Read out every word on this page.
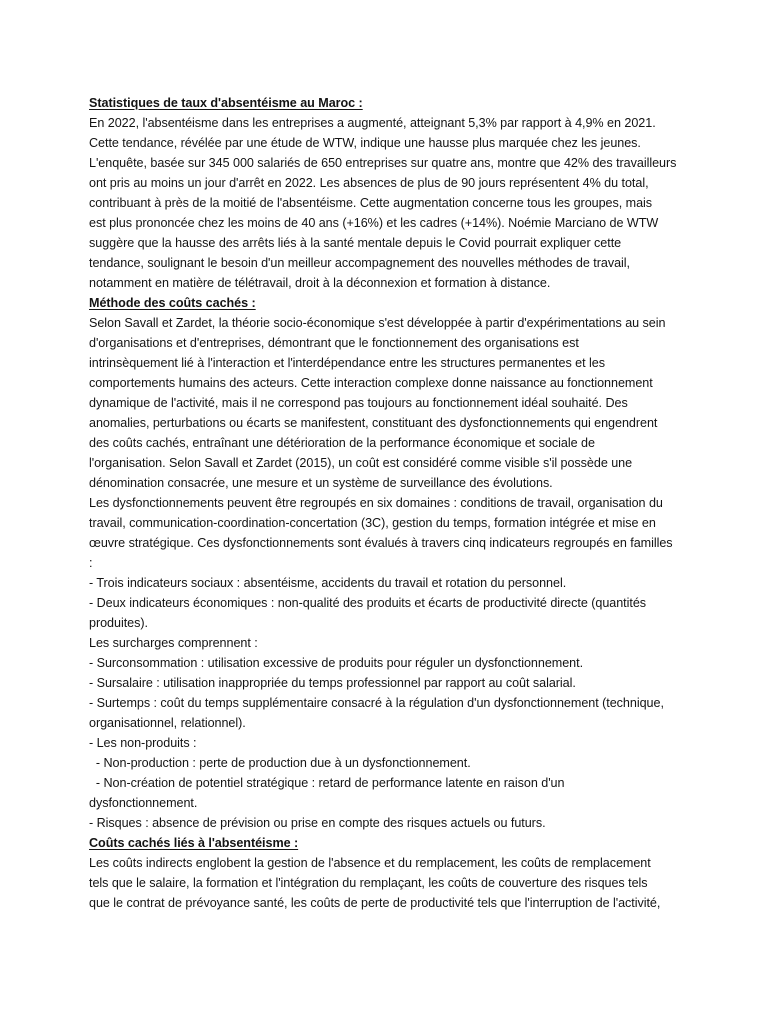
Statistiques de taux d'absentéisme au Maroc :
En 2022, l'absentéisme dans les entreprises a augmenté, atteignant 5,3% par rapport à 4,9% en 2021.
Cette tendance, révélée par une étude de WTW, indique une hausse plus marquée chez les jeunes.
L'enquête, basée sur 345 000 salariés de 650 entreprises sur quatre ans, montre que 42% des travailleurs
ont pris au moins un jour d'arrêt en 2022. Les absences de plus de 90 jours représentent 4% du total,
contribuant à près de la moitié de l'absentéisme. Cette augmentation concerne tous les groupes, mais
est plus prononcée chez les moins de 40 ans (+16%) et les cadres (+14%). Noémie Marciano de WTW
suggère que la hausse des arrêts liés à la santé mentale depuis le Covid pourrait expliquer cette
tendance, soulignant le besoin d'un meilleur accompagnement des nouvelles méthodes de travail,
notamment en matière de télétravail, droit à la déconnexion et formation à distance.
Méthode des coûts cachés :
Selon Savall et Zardet, la théorie socio-économique s'est développée à partir d'expérimentations au sein
d'organisations et d'entreprises, démontrant que le fonctionnement des organisations est
intrinsèquement lié à l'interaction et l'interdépendance entre les structures permanentes et les
comportements humains des acteurs. Cette interaction complexe donne naissance au fonctionnement
dynamique de l'activité, mais il ne correspond pas toujours au fonctionnement idéal souhaité. Des
anomalies, perturbations ou écarts se manifestent, constituant des dysfonctionnements qui engendrent
des coûts cachés, entraînant une détérioration de la performance économique et sociale de
l'organisation. Selon Savall et Zardet (2015), un coût est considéré comme visible s'il possède une
dénomination consacrée, une mesure et un système de surveillance des évolutions.
Les dysfonctionnements peuvent être regroupés en six domaines : conditions de travail, organisation du
travail, communication-coordination-concertation (3C), gestion du temps, formation intégrée et mise en
œuvre stratégique. Ces dysfonctionnements sont évalués à travers cinq indicateurs regroupés en familles
:
- Trois indicateurs sociaux : absentéisme, accidents du travail et rotation du personnel.
- Deux indicateurs économiques : non-qualité des produits et écarts de productivité directe (quantités
produites).
Les surcharges comprennent :
- Surconsommation : utilisation excessive de produits pour réguler un dysfonctionnement.
- Sursalaire : utilisation inappropriée du temps professionnel par rapport au coût salarial.
- Surtemps : coût du temps supplémentaire consacré à la régulation d'un dysfonctionnement (technique,
organisationnel, relationnel).
- Les non-produits :
- Non-production : perte de production due à un dysfonctionnement.
- Non-création de potentiel stratégique : retard de performance latente en raison d'un
dysfonctionnement.
- Risques : absence de prévision ou prise en compte des risques actuels ou futurs.
Coûts cachés liés à l'absentéisme :
Les coûts indirects englobent la gestion de l'absence et du remplacement, les coûts de remplacement
tels que le salaire, la formation et l'intégration du remplaçant, les coûts de couverture des risques tels
que le contrat de prévoyance santé, les coûts de perte de productivité tels que l'interruption de l'activité,
